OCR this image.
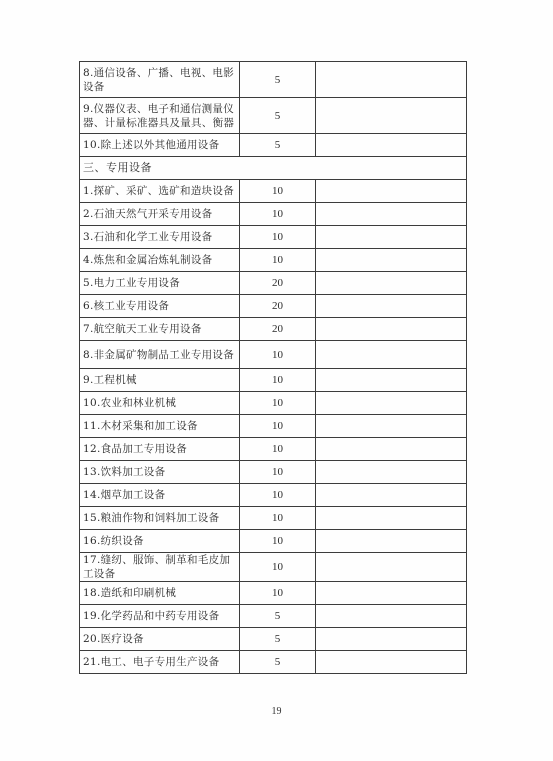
8.通信设备、广播、电视、电影设备	5	
9.仪器仪表、电子和通信测量仪器、计量标准器具及量具、衡器	5	
10.除上述以外其他通用设备	5	
三、专用设备		
1.探矿、采矿、选矿和造块设备	10	
2.石油天然气开采专用设备	10	
3.石油和化学工业专用设备	10	
4.炼焦和金属冶炼轧制设备	10	
5.电力工业专用设备	20	
6.核工业专用设备	20	
7.航空航天工业专用设备	20	
8.非金属矿物制品工业专用设备	10	
9.工程机械	10	
10.农业和林业机械	10	
11.木材采集和加工设备	10	
12.食品加工专用设备	10	
13.饮料加工设备	10	
14.烟草加工设备	10	
15.粮油作物和饲料加工设备	10	
16.纺织设备	10	
17.缝纫、服饰、制革和毛皮加工设备	10	
18.造纸和印刷机械	10	
19.化学药品和中药专用设备	5	
20.医疗设备	5	
21.电工、电子专用生产设备	5	
19
